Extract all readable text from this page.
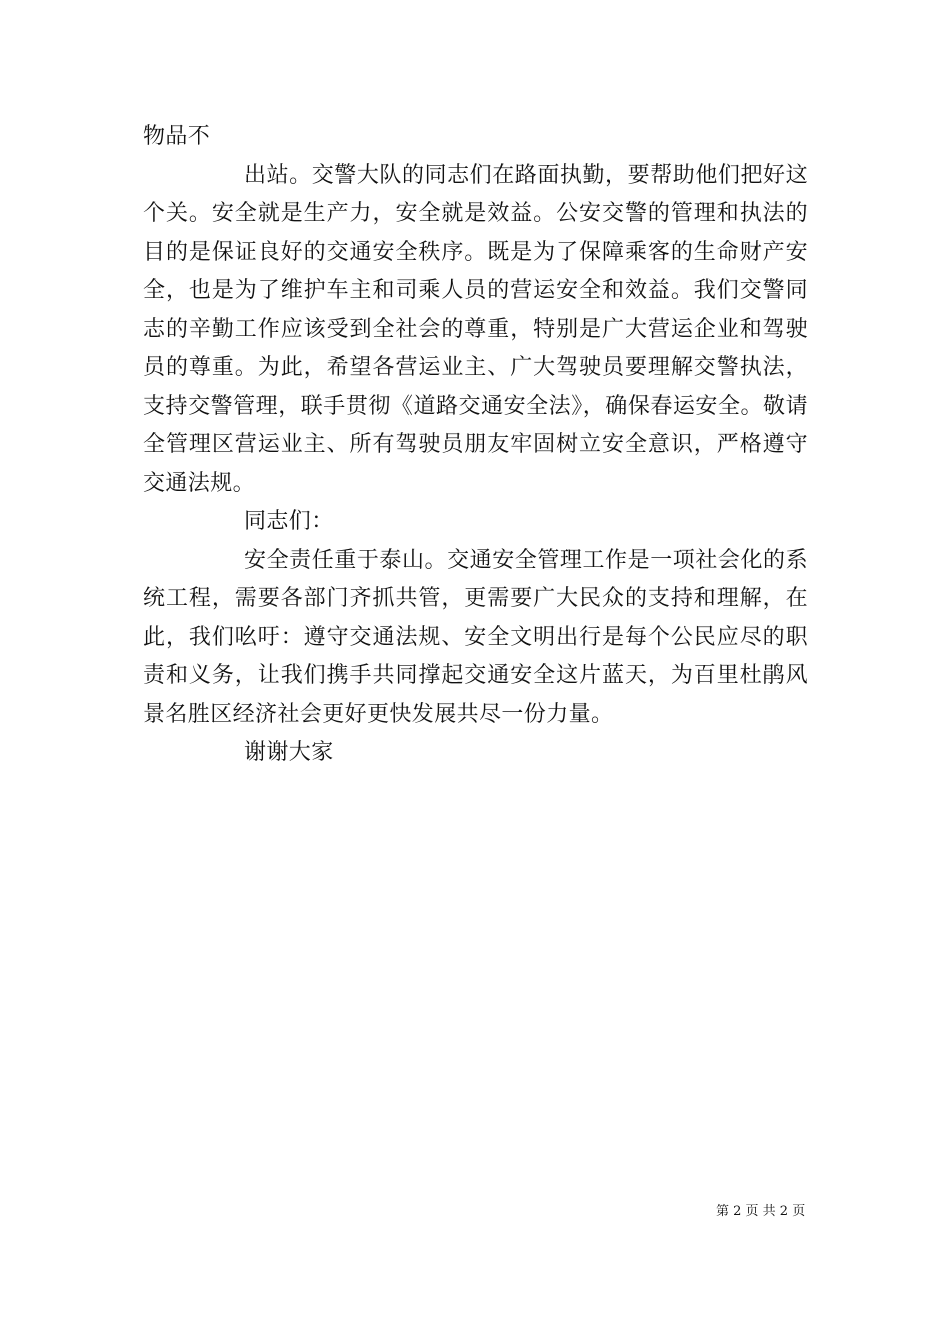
物品不

出站。交警大队的同志们在路面执勤，要帮助他们把好这个关。安全就是生产力，安全就是效益。公安交警的管理和执法的目的是保证良好的交通安全秩序。既是为了保障乘客的生命财产安全，也是为了维护车主和司乘人员的营运安全和效益。我们交警同志的辛勤工作应该受到全社会的尊重，特别是广大营运企业和驾驶员的尊重。为此，希望各营运业主、广大驾驶员要理解交警执法，支持交警管理，联手贯彻《道路交通安全法》，确保春运安全。敬请全管理区营运业主、所有驾驶员朋友牢固树立安全意识，严格遵守交通法规。

同志们：

安全责任重于泰山。交通安全管理工作是一项社会化的系统工程，需要各部门齐抓共管，更需要广大民众的支持和理解，在此，我们吆吁：遵守交通法规、安全文明出行是每个公民应尽的职责和义务，让我们携手共同撑起交通安全这片蓝天，为百里杜鹃风景名胜区经济社会更好更快发展共尽一份力量。

谢谢大家

第 2 页 共 2 页
